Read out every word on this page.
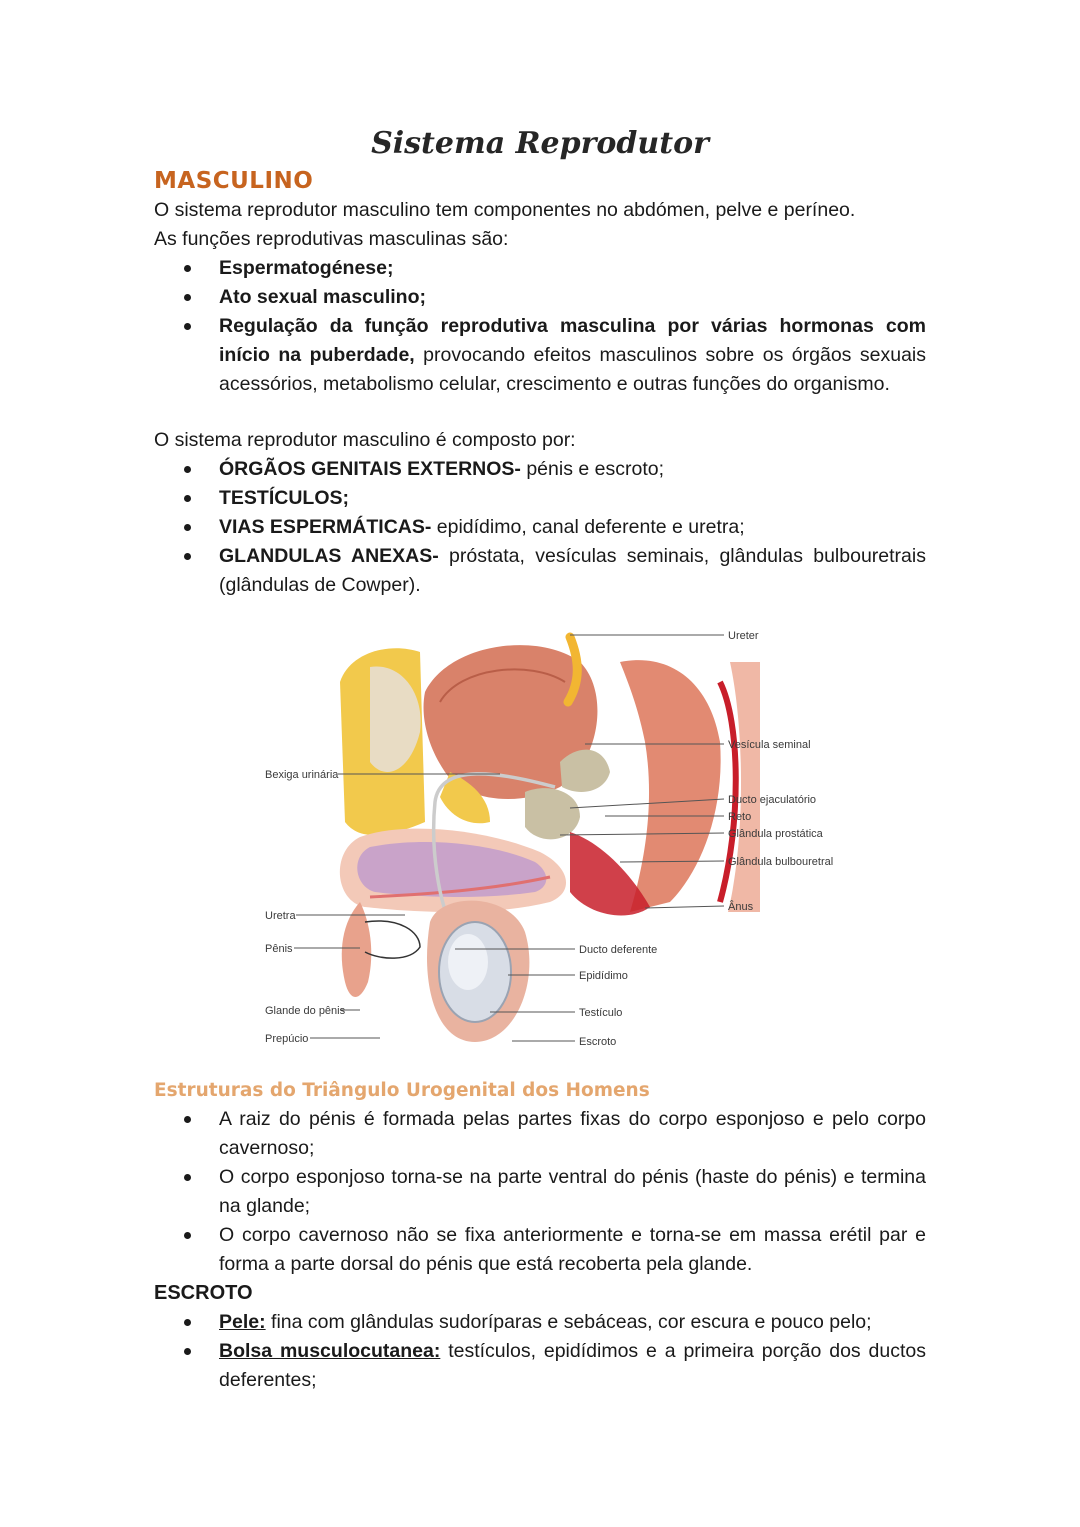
Sistema Reprodutor
MASCULINO

O sistema reprodutor masculino tem componentes no abdómen, pelve e períneo.

As funções reprodutivas masculinas são:

Espermatogénese;
Ato sexual masculino;
Regulação da função reprodutiva masculina por várias hormonas com início na puberdade, provocando efeitos masculinos sobre os órgãos sexuais acessórios, metabolismo celular, crescimento e outras funções do organismo.

O sistema reprodutor masculino é composto por:

ÓRGÃOS GENITAIS EXTERNOS- pénis e escroto;
TESTÍCULOS;
VIAS ESPERMÁTICAS- epidídimo, canal deferente e uretra;
GLANDULAS ANEXAS- próstata, vesículas seminais, glândulas bulbouretrais (glândulas de Cowper).
Ureter
Vesícula seminal
Ducto ejaculatório
Reto
Glândula prostática
Glândula bulbouretral
Ânus
Bexiga urinária
Uretra
Pênis
Glande do pênis
Prepúcio
Ducto deferente
Epidídimo
Testículo
Escroto
Estruturas do Triângulo Urogenital dos Homens
A raiz do pénis é formada pelas partes fixas do corpo esponjoso e pelo corpo cavernoso;
O corpo esponjoso torna-se na parte ventral do pénis (haste do pénis) e termina na glande;
O corpo cavernoso não se fixa anteriormente e torna-se em massa erétil par e forma a parte dorsal do pénis que está recoberta pela glande.
ESCROTO
Pele: fina com glândulas sudoríparas e sebáceas, cor escura e pouco pelo;
Bolsa musculocutanea: testículos, epidídimos e a primeira porção dos ductos deferentes;
